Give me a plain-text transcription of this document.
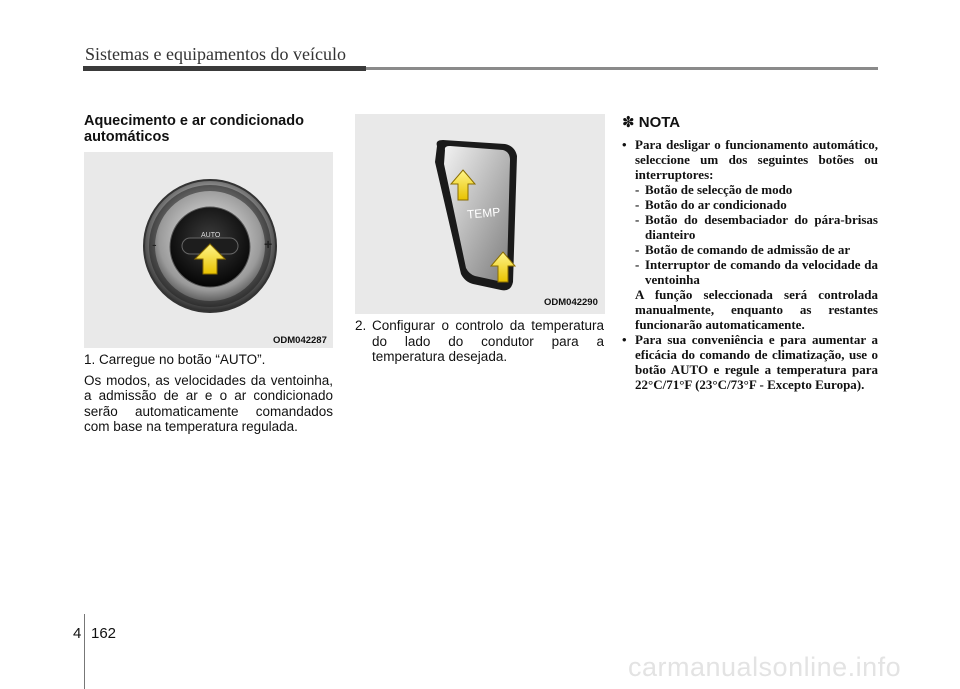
Sistemas e equipamentos do veículo

Aquecimento e ar condicionado automáticos

-	+
AUTO
ODM042287

1. Carregue no botão “AUTO”.

Os modos, as velocidades da ventoinha, a admissão de ar e o ar condicionado serão automaticamente comandados com base na temperatura regulada.

TEMP
ODM042290
2. Configurar o controlo da temperatura do lado do condutor para a temperatura desejada.

✽ NOTA

• Para desligar o funcionamento automático, seleccione um dos seguintes botões ou interruptores:
- Botão de selecção de modo
- Botão do ar condicionado
- Botão do desembaciador do pára-brisas dianteiro
- Botão de comando de admissão de ar
- Interruptor de comando da velocidade da ventoinha
A função seleccionada será controlada manualmente, enquanto as restantes funcionarão automaticamente.
• Para sua conveniência e para aumentar a eficácia do comando de climatização, use o botão AUTO e regule a temperatura para 22°C/71°F (23°C/73°F - Excepto Europa).
4 162
carmanualsonline.info
